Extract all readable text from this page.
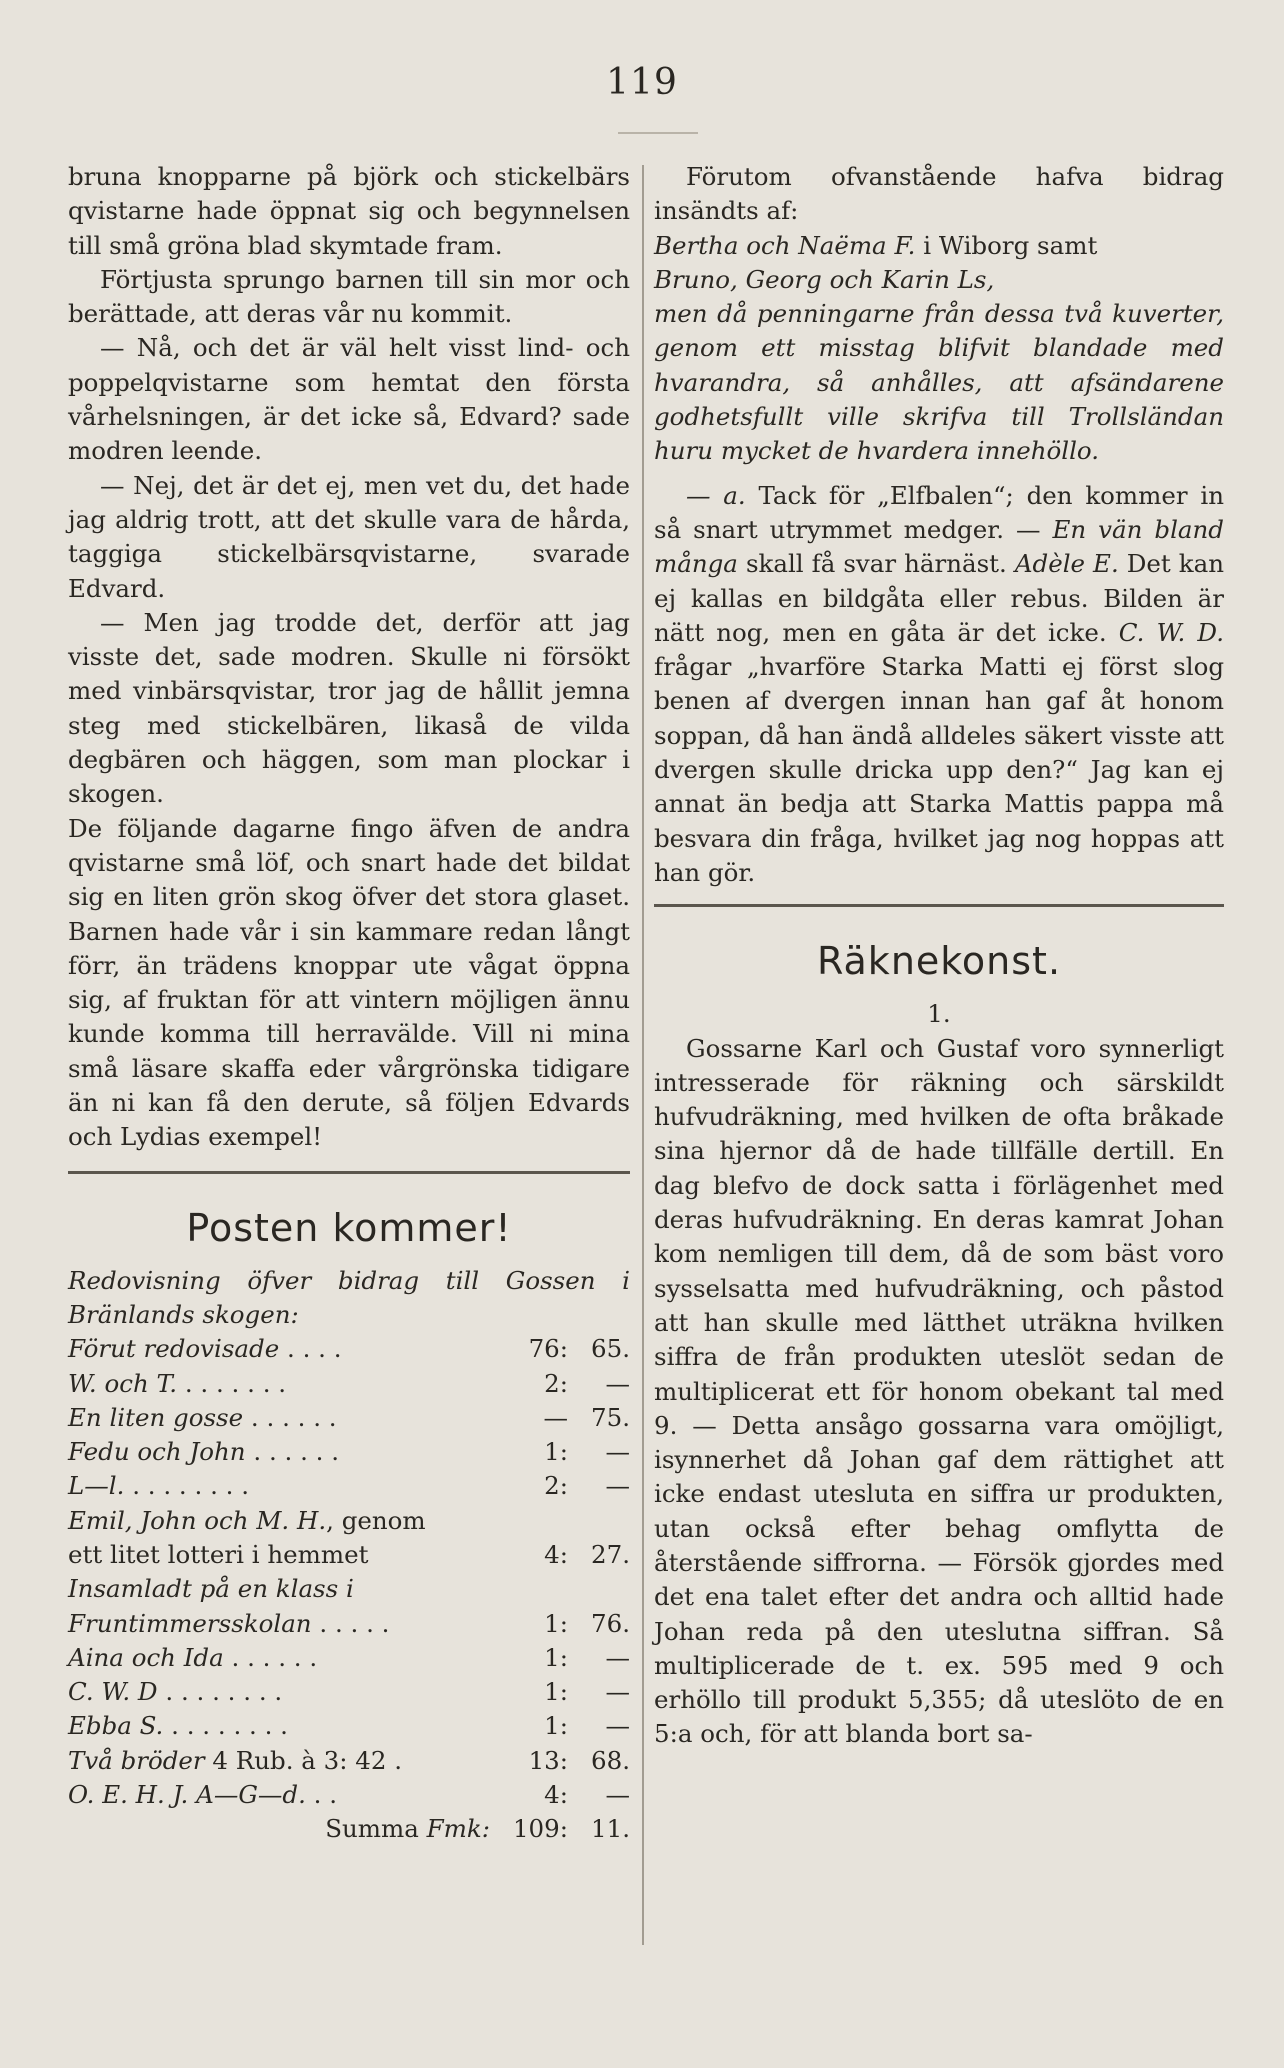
119

bruna knopparne på björk och stickelbärs qvistarne hade öppnat sig och begynnelsen till små gröna blad skymtade fram.

Förtjusta sprungo barnen till sin mor och berättade, att deras vår nu kommit.

— Nå, och det är väl helt visst lind- och poppelqvistarne som hemtat den första vårhelsningen, är det icke så, Edvard? sade modren leende.

— Nej, det är det ej, men vet du, det hade jag aldrig trott, att det skulle vara de hårda, taggiga stickelbärsqvistarne, svarade Edvard.

— Men jag trodde det, derför att jag visste det, sade modren. Skulle ni försökt med vinbärsqvistar, tror jag de hållit jemna steg med stickelbären, likaså de vilda degbären och häggen, som man plockar i skogen.

De följande dagarne fingo äfven de andra qvistarne små löf, och snart hade det bildat sig en liten grön skog öfver det stora glaset. Barnen hade vår i sin kammare redan långt förr, än trädens knoppar ute vågat öppna sig, af fruktan för att vintern möjligen ännu kunde komma till herravälde. Vill ni mina små läsare skaffa eder vårgrönska tidigare än ni kan få den derute, så följen Edvards och Lydias exempel!

Posten kommer!

Redovisning öfver bidrag till Gossen i Bränlands skogen:

Förut redovisade . . . .	76:	65.
W. och T. . . . . . . .	2:	—
En liten gosse . . . . . .	—	75.
Fedu och John . . . . . .	1:	—
L—l. . . . . . . . .	2:	—
Emil, John och M. H., genom		
ett litet lotteri i hemmet	4:	27.
Insamladt på en klass i Fruntimmersskolan . . . . .	1:	76.
Aina och Ida . . . . . .	1:	—
C. W. D . . . . . . . .	1:	—
Ebba S. . . . . . . . .	1:	—
Två bröder 4 Rub. à 3: 42 .	13:	68.
O. E. H. J. A—G—d. . .	4:	—
Summa Fmk:	109:	11.

Förutom ofvanstående hafva bidrag insändts af:

Bertha och Naëma F. i Wiborg samt

Bruno, Georg och Karin Ls,

men då penningarne från dessa två kuverter, genom ett misstag blifvit blandade med hvarandra, så anhålles, att afsändarene godhetsfullt ville skrifva till Trollsländan huru mycket de hvardera innehöllo.

— a. Tack för „Elfbalen“; den kommer in så snart utrymmet medger. — En vän bland många skall få svar härnäst. Adèle E. Det kan ej kallas en bildgåta eller rebus. Bilden är nätt nog, men en gåta är det icke. C. W. D. frågar „hvarföre Starka Matti ej först slog benen af dvergen innan han gaf åt honom soppan, då han ändå alldeles säkert visste att dvergen skulle dricka upp den?“ Jag kan ej annat än bedja att Starka Mattis pappa må besvara din fråga, hvilket jag nog hoppas att han gör.

Räknekonst.
1.

Gossarne Karl och Gustaf voro synnerligt intresserade för räkning och särskildt hufvudräkning, med hvilken de ofta bråkade sina hjernor då de hade tillfälle dertill. En dag blefvo de dock satta i förlägenhet med deras hufvudräkning. En deras kamrat Johan kom nemligen till dem, då de som bäst voro sysselsatta med hufvudräkning, och påstod att han skulle med lätthet uträkna hvilken siffra de från produkten uteslöt sedan de multiplicerat ett för honom obekant tal med 9. — Detta ansågo gossarna vara omöjligt, isynnerhet då Johan gaf dem rättighet att icke endast utesluta en siffra ur produkten, utan också efter behag omflytta de återstående siffrorna. — Försök gjordes med det ena talet efter det andra och alltid hade Johan reda på den uteslutna siffran. Så multiplicerade de t. ex. 595 med 9 och erhöllo till produkt 5,355; då uteslöto de en 5:a och, för att blanda bort sa-
